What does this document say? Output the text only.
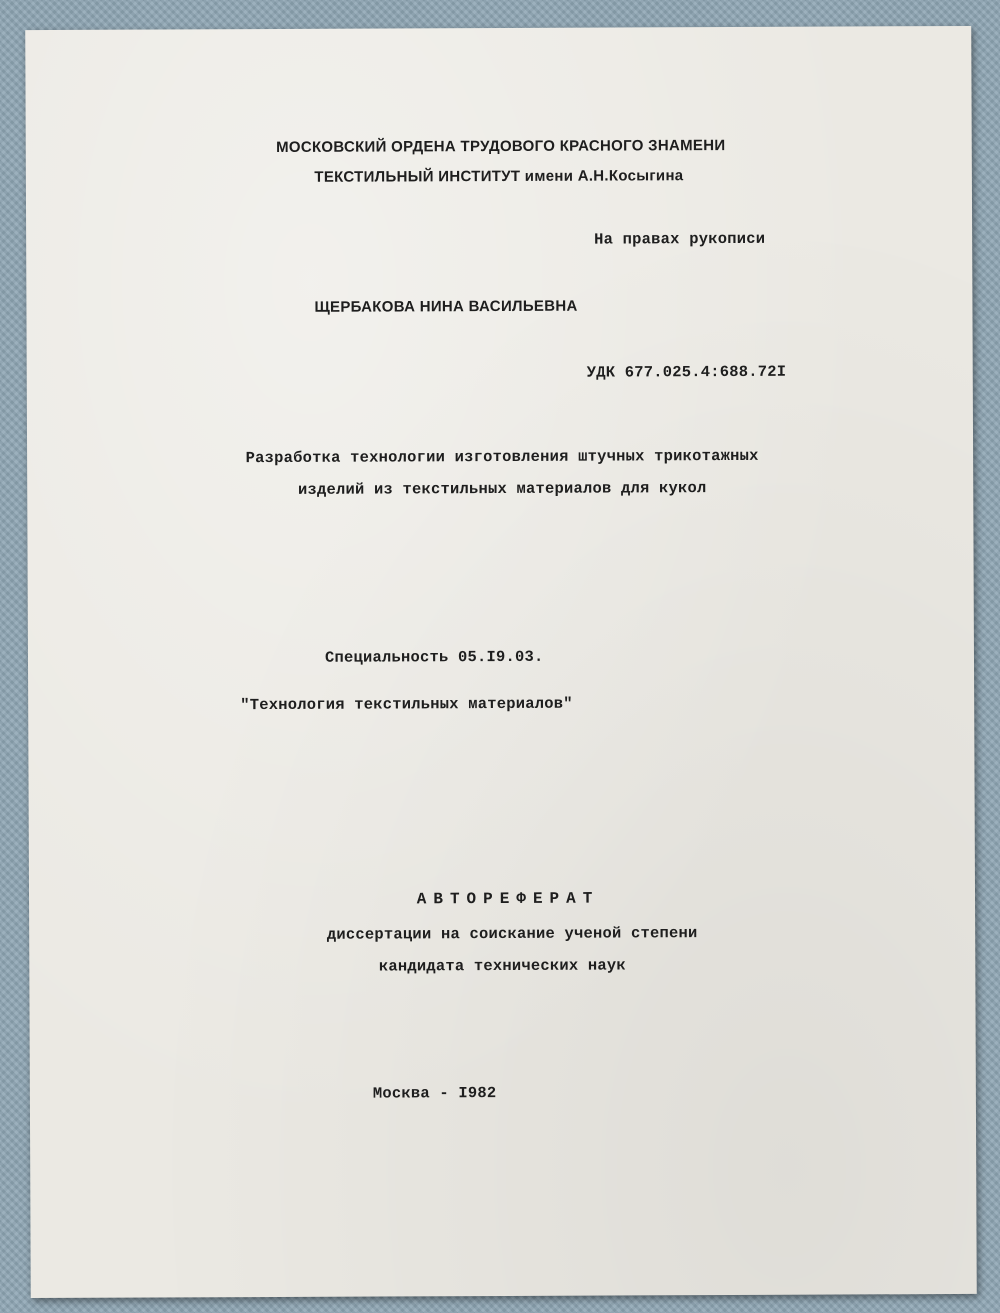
МОСКОВСКИЙ ОРДЕНА ТРУДОВОГО КРАСНОГО ЗНАМЕНИ

ТЕКСТИЛЬНЫЙ ИНСТИТУТ имени А.Н.Косыгина

На правах рукописи

ЩЕРБАКОВА НИНА ВАСИЛЬЕВНА

УДК 677.025.4:688.72I

Разработка технологии изготовления штучных трикотажных

изделий из текстильных материалов для кукол

Специальность 05.I9.03.

"Технология текстильных материалов"

АВТОРЕФЕРАТ

диссертации на соискание ученой степени

кандидата технических наук

Москва - I982
